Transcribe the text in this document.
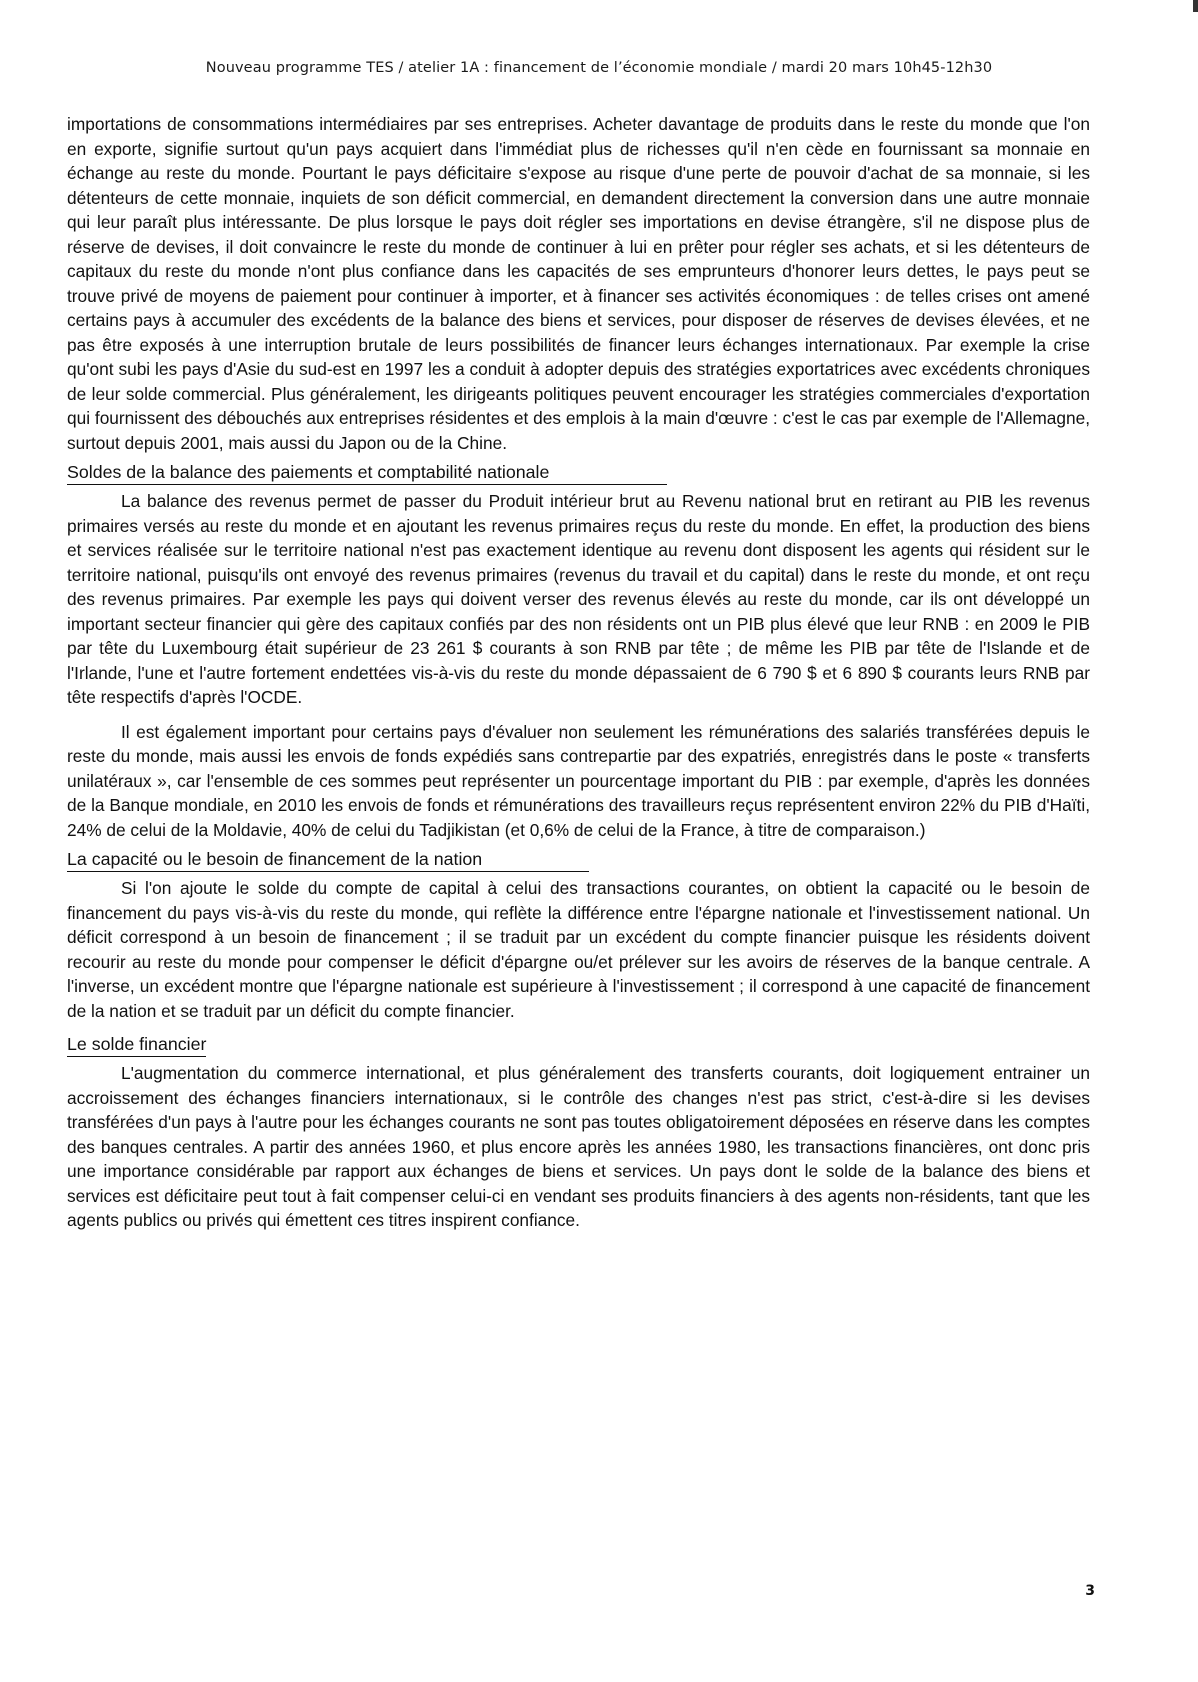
Nouveau programme TES / atelier 1A : financement de l’économie mondiale / mardi 20 mars 10h45-12h30

importations de consommations intermédiaires par ses entreprises. Acheter davantage de produits dans le reste du monde que l'on en exporte, signifie surtout qu'un pays acquiert dans l'immédiat plus de richesses qu'il n'en cède en fournissant sa monnaie en échange au reste du monde. Pourtant le pays déficitaire s'expose au risque d'une perte de pouvoir d'achat de sa monnaie, si les détenteurs de cette monnaie, inquiets de son déficit commercial, en demandent directement la conversion dans une autre monnaie qui leur paraît plus intéressante. De plus lorsque le pays doit régler ses importations en devise étrangère, s'il ne dispose plus de réserve de devises, il doit convaincre le reste du monde de continuer à lui en prêter pour régler ses achats, et si les détenteurs de capitaux du reste du monde n'ont plus confiance dans les capacités de ses emprunteurs d'honorer leurs dettes, le pays peut se trouve privé de moyens de paiement pour continuer à importer, et à financer ses activités économiques : de telles crises ont amené certains pays à accumuler des excédents de la balance des biens et services, pour disposer de réserves de devises élevées, et ne pas être exposés à une interruption brutale de leurs possibilités de financer leurs échanges internationaux. Par exemple la crise qu'ont subi les pays d'Asie du sud-est en 1997 les a conduit à adopter depuis des stratégies exportatrices avec excédents chroniques de leur solde commercial. Plus généralement, les dirigeants politiques peuvent encourager les stratégies commerciales d'exportation qui fournissent des débouchés aux entreprises résidentes et des emplois à la main d'œuvre : c'est le cas par exemple de l'Allemagne, surtout depuis 2001, mais aussi du Japon ou de la Chine.

Soldes de la balance des paiements et comptabilité nationale

La balance des revenus permet de passer du Produit intérieur brut au Revenu national brut en retirant au PIB les revenus primaires versés au reste du monde et en ajoutant les revenus primaires reçus du reste du monde. En effet, la production des biens et services réalisée sur le territoire national n'est pas exactement identique au revenu dont disposent les agents qui résident sur le territoire national, puisqu'ils ont envoyé des revenus primaires (revenus du travail et du capital) dans le reste du monde, et ont reçu des revenus primaires. Par exemple les pays qui doivent verser des revenus élevés au reste du monde, car ils ont développé un important secteur financier qui gère des capitaux confiés par des non résidents ont un PIB plus élevé que leur RNB : en 2009 le PIB par tête du Luxembourg était supérieur de 23 261 $ courants à son RNB par tête ; de même les PIB par tête de l'Islande et de l'Irlande, l'une et l'autre fortement endettées vis-à-vis du reste du monde dépassaient de 6 790 $ et 6 890 $ courants leurs RNB par tête respectifs d'après l'OCDE.

Il est également important pour certains pays d'évaluer non seulement les rémunérations des salariés transférées depuis le reste du monde, mais aussi les envois de fonds expédiés sans contrepartie par des expatriés, enregistrés dans le poste « transferts unilatéraux », car l'ensemble de ces sommes peut représenter un pourcentage important du PIB : par exemple, d'après les données de la Banque mondiale, en 2010 les envois de fonds et rémunérations des travailleurs reçus représentent environ 22% du PIB d'Haïti, 24% de celui de la Moldavie, 40% de celui du Tadjikistan (et 0,6% de celui de la France, à titre de comparaison.)

La capacité ou le besoin de financement de la nation

Si l'on ajoute le solde du compte de capital à celui des transactions courantes, on obtient la capacité ou le besoin de financement du pays vis-à-vis du reste du monde, qui reflète la différence entre l'épargne nationale et l'investissement national. Un déficit correspond à un besoin de financement ; il se traduit par un excédent du compte financier puisque les résidents doivent recourir au reste du monde pour compenser le déficit d'épargne ou/et prélever sur les avoirs de réserves de la banque centrale. A l'inverse, un excédent montre que l'épargne nationale est supérieure à l'investissement ; il correspond à une capacité de financement de la nation et se traduit par un déficit du compte financier.

Le solde financier

L'augmentation du commerce international, et plus généralement des transferts courants, doit logiquement entrainer un accroissement des échanges financiers internationaux, si le contrôle des changes n'est pas strict, c'est-à-dire si les devises transférées d'un pays à l'autre pour les échanges courants ne sont pas toutes obligatoirement déposées en réserve dans les comptes des banques centrales. A partir des années 1960, et plus encore après les années 1980, les transactions financières, ont donc pris une importance considérable par rapport aux échanges de biens et services. Un pays dont le solde de la balance des biens et services est déficitaire peut tout à fait compenser celui-ci en vendant ses produits financiers à des agents non-résidents, tant que les agents publics ou privés qui émettent ces titres inspirent confiance.

3
